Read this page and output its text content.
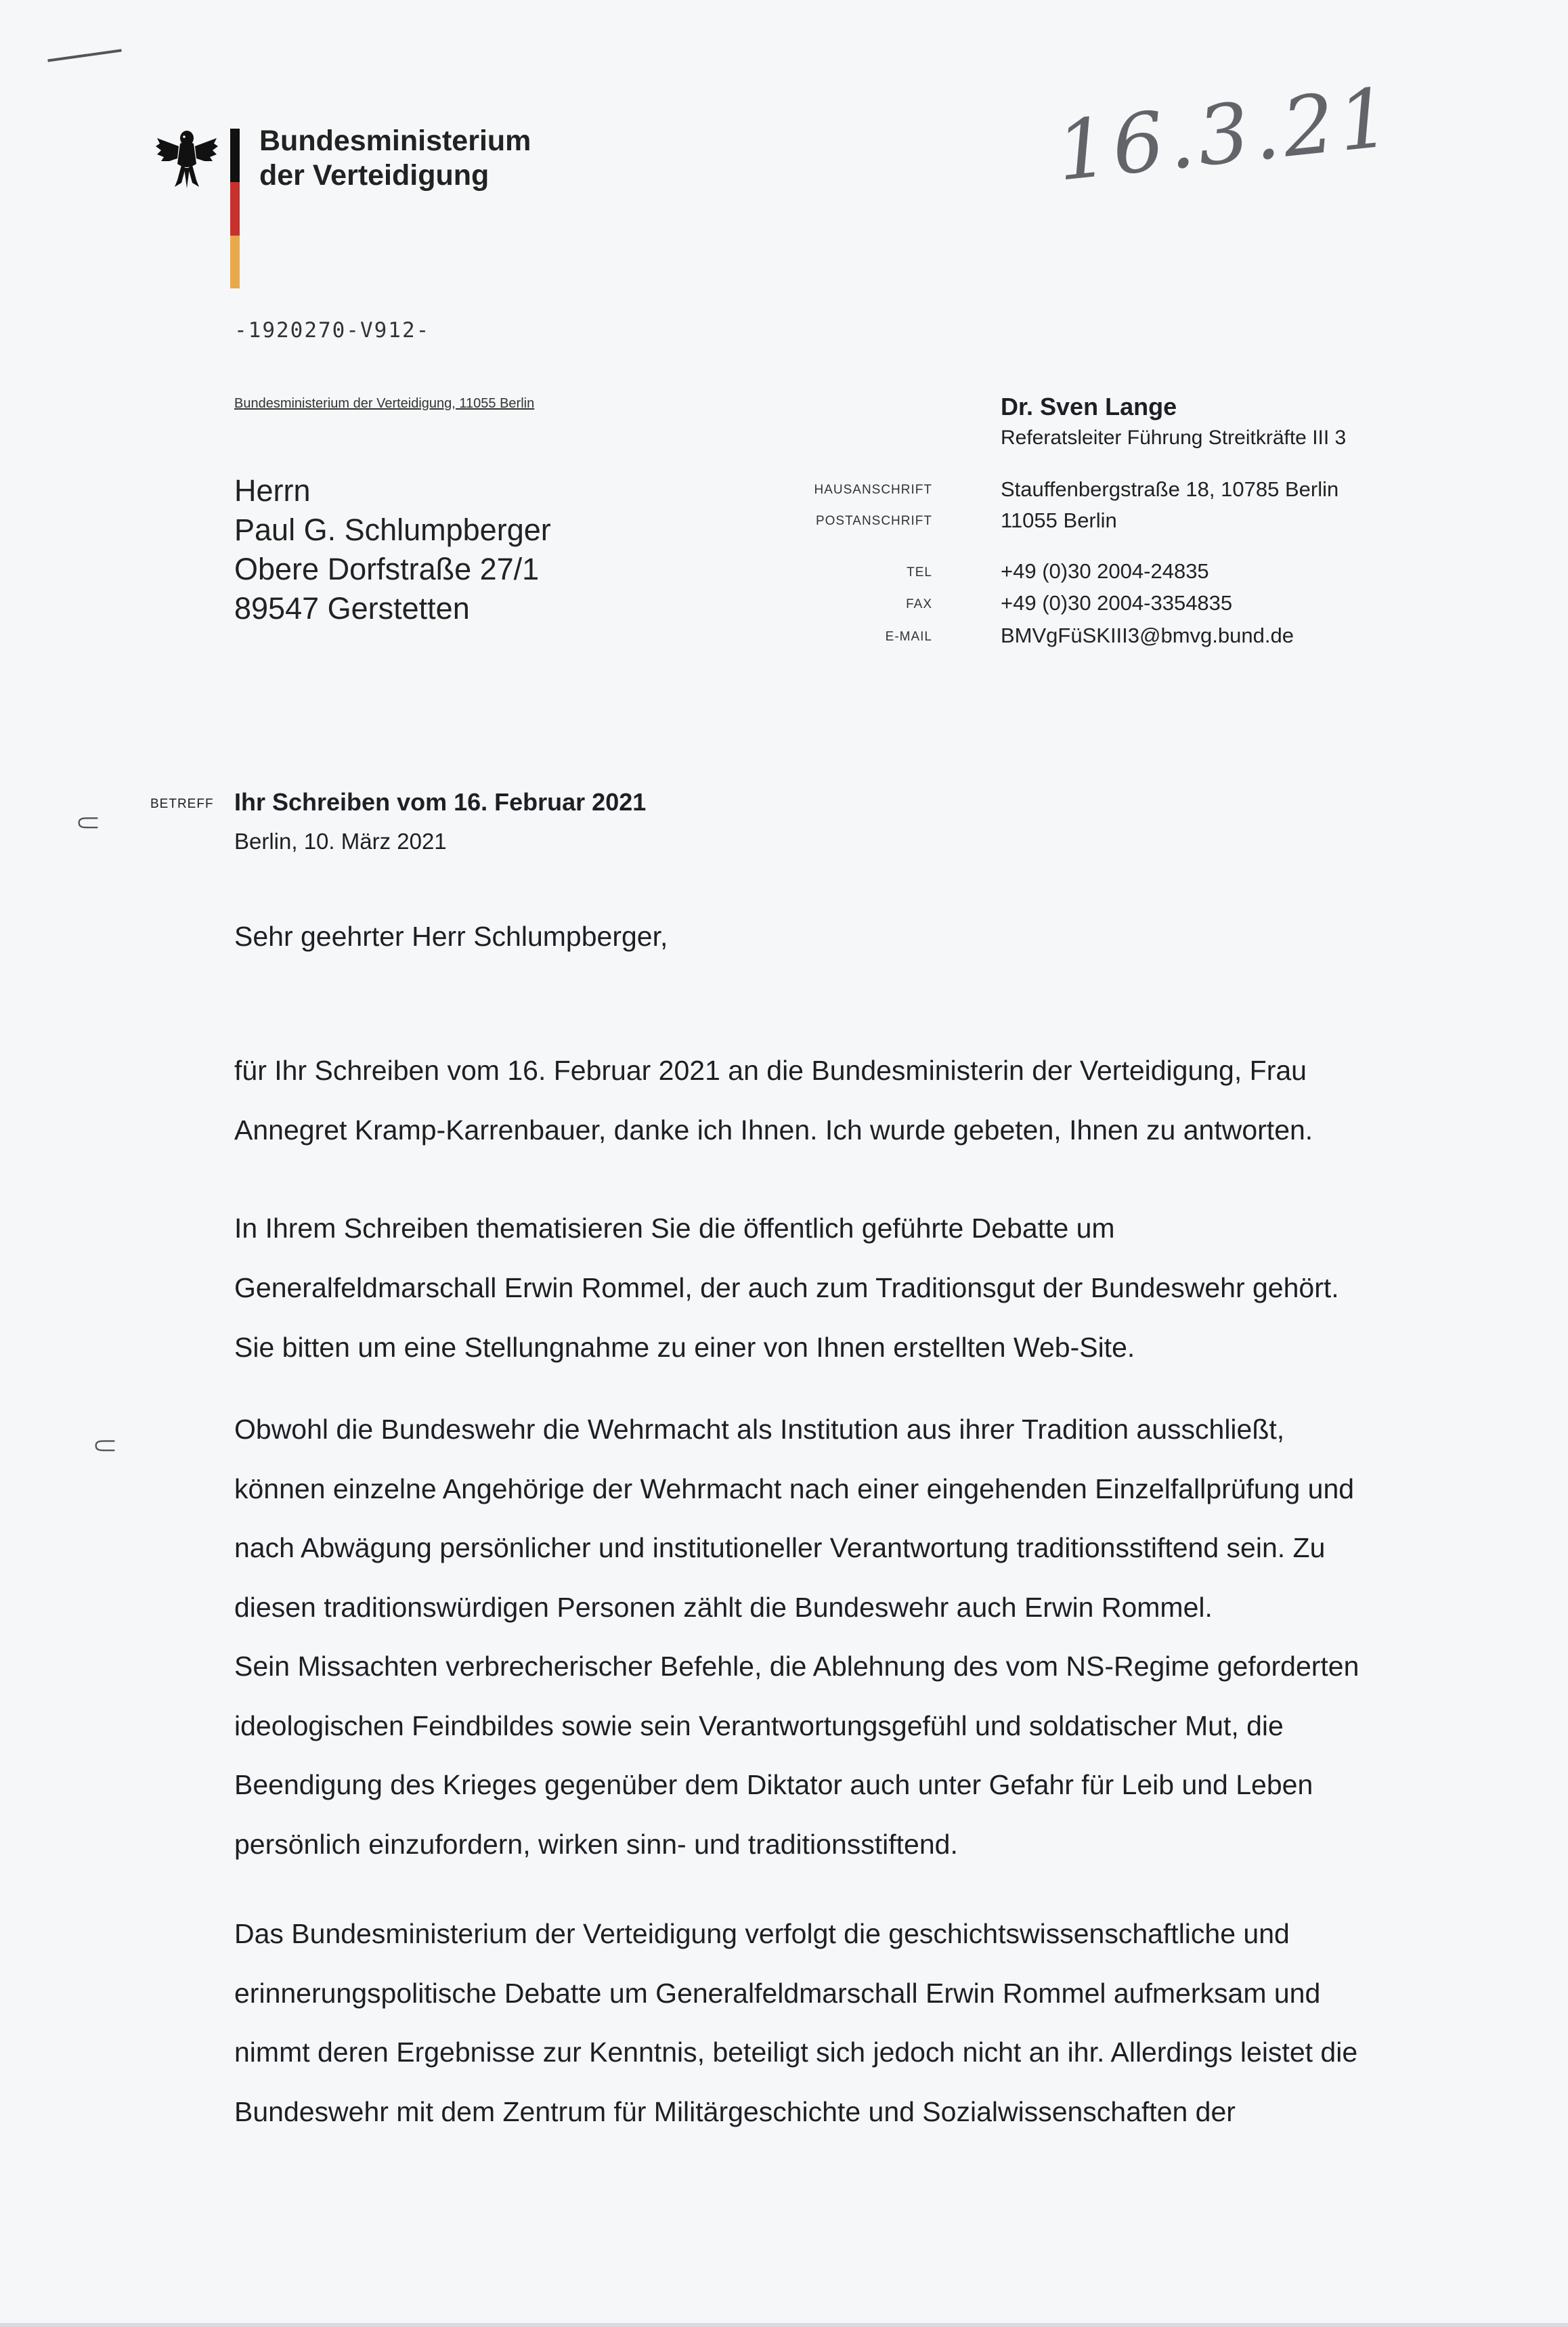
Bundesministerium
der Verteidigung	16.3.21
-1920270-V912-
Bundesministerium der Verteidigung, 11055 Berlin
Herrn
Paul G. Schlumpberger
Obere Dorfstraße 27/1
89547 Gerstetten
Dr. Sven Lange
Referatsleiter Führung Streitkräfte III 3
HAUSANSCHRIFT	Stauffenbergstraße 18, 10785 Berlin
POSTANSCHRIFT	11055 Berlin
TEL	+49 (0)30 2004-24835
FAX	+49 (0)30 2004-3354835
E-MAIL	BMVgFüSKIII3@bmvg.bund.de
BETREFF Ihr Schreiben vom 16. Februar 2021
Berlin, 10. März 2021
Sehr geehrter Herr Schlumpberger,
für Ihr Schreiben vom 16. Februar 2021 an die Bundesministerin der Verteidigung, Frau
Annegret Kramp-Karrenbauer, danke ich Ihnen. Ich wurde gebeten, Ihnen zu antworten.
In Ihrem Schreiben thematisieren Sie die öffentlich geführte Debatte um
Generalfeldmarschall Erwin Rommel, der auch zum Traditionsgut der Bundeswehr gehört.
Sie bitten um eine Stellungnahme zu einer von Ihnen erstellten Web-Site.
Obwohl die Bundeswehr die Wehrmacht als Institution aus ihrer Tradition ausschließt,
können einzelne Angehörige der Wehrmacht nach einer eingehenden Einzelfallprüfung und
nach Abwägung persönlicher und institutioneller Verantwortung traditionsstiftend sein. Zu
diesen traditionswürdigen Personen zählt die Bundeswehr auch Erwin Rommel.
Sein Missachten verbrecherischer Befehle, die Ablehnung des vom NS-Regime geforderten
ideologischen Feindbildes sowie sein Verantwortungsgefühl und soldatischer Mut, die
Beendigung des Krieges gegenüber dem Diktator auch unter Gefahr für Leib und Leben
persönlich einzufordern, wirken sinn- und traditionsstiftend.
Das Bundesministerium der Verteidigung verfolgt die geschichtswissenschaftliche und
erinnerungspolitische Debatte um Generalfeldmarschall Erwin Rommel aufmerksam und
nimmt deren Ergebnisse zur Kenntnis, beteiligt sich jedoch nicht an ihr. Allerdings leistet die
Bundeswehr mit dem Zentrum für Militärgeschichte und Sozialwissenschaften der
⸦
⸦
